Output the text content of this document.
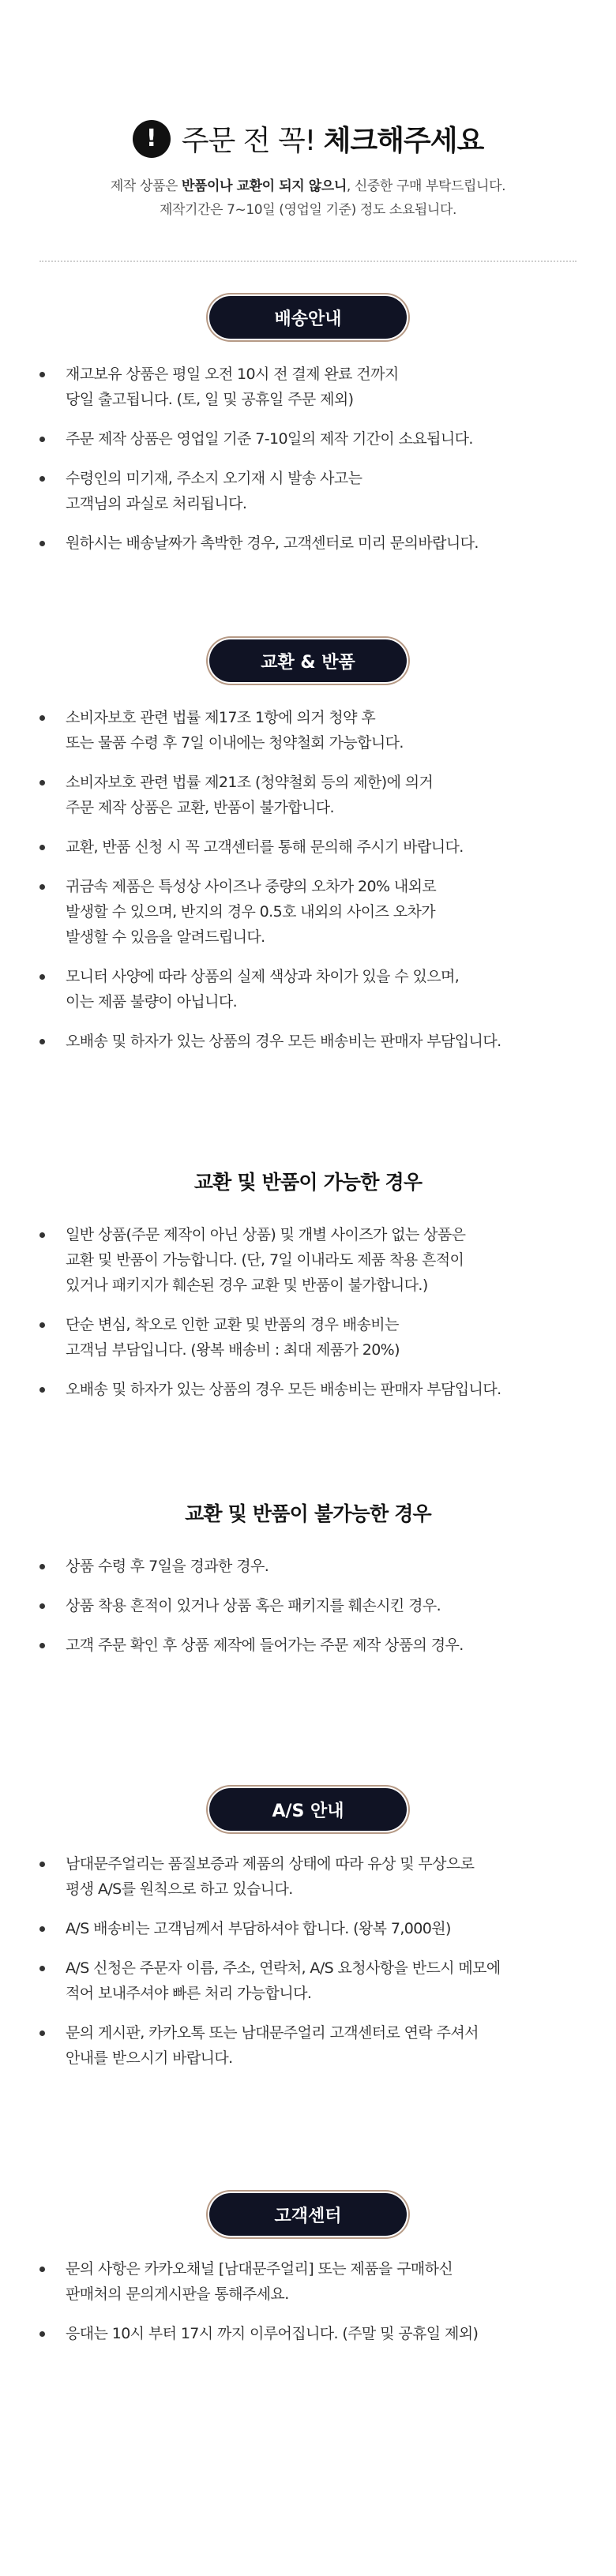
! 주문 전 꼭! 체크해주세요
제작 상품은 반품이나 교환이 되지 않으니, 신중한 구매 부탁드립니다.
제작기간은 7~10일 (영업일 기준) 정도 소요됩니다.
배송안내
재고보유 상품은 평일 오전 10시 전 결제 완료 건까지
당일 출고됩니다. (토, 일 및 공휴일 주문 제외)
주문 제작 상품은 영업일 기준 7-10일의 제작 기간이 소요됩니다.
수령인의 미기재, 주소지 오기재 시 발송 사고는
고객님의 과실로 처리됩니다.
원하시는 배송날짜가 촉박한 경우, 고객센터로 미리 문의바랍니다.
교환 & 반품
소비자보호 관련 법률 제17조 1항에 의거 청약 후
또는 물품 수령 후 7일 이내에는 청약철회 가능합니다.
소비자보호 관련 법률 제21조 (청약철회 등의 제한)에 의거
주문 제작 상품은 교환, 반품이 불가합니다.
교환, 반품 신청 시 꼭 고객센터를 통해 문의해 주시기 바랍니다.
귀금속 제품은 특성상 사이즈나 중량의 오차가 20% 내외로
발생할 수 있으며, 반지의 경우 0.5호 내외의 사이즈 오차가
발생할 수 있음을 알려드립니다.
모니터 사양에 따라 상품의 실제 색상과 차이가 있을 수 있으며,
이는 제품 불량이 아닙니다.
오배송 및 하자가 있는 상품의 경우 모든 배송비는 판매자 부담입니다.
교환 및 반품이 가능한 경우
일반 상품(주문 제작이 아닌 상품) 및 개별 사이즈가 없는 상품은
교환 및 반품이 가능합니다. (단, 7일 이내라도 제품 착용 흔적이
있거나 패키지가 훼손된 경우 교환 및 반품이 불가합니다.)
단순 변심, 착오로 인한 교환 및 반품의 경우 배송비는
고객님 부담입니다. (왕복 배송비 : 최대 제품가 20%)
오배송 및 하자가 있는 상품의 경우 모든 배송비는 판매자 부담입니다.
교환 및 반품이 불가능한 경우
상품 수령 후 7일을 경과한 경우.
상품 착용 흔적이 있거나 상품 혹은 패키지를 훼손시킨 경우.
고객 주문 확인 후 상품 제작에 들어가는 주문 제작 상품의 경우.
A/S 안내
남대문주얼리는 품질보증과 제품의 상태에 따라 유상 및 무상으로
평생 A/S를 원칙으로 하고 있습니다.
A/S 배송비는 고객님께서 부담하셔야 합니다. (왕복 7,000원)
A/S 신청은 주문자 이름, 주소, 연락처, A/S 요청사항을 반드시 메모에
적어 보내주셔야 빠른 처리 가능합니다.
문의 게시판, 카카오톡 또는 남대문주얼리 고객센터로 연락 주셔서
안내를 받으시기 바랍니다.
고객센터
문의 사항은 카카오채널 [남대문주얼리] 또는 제품을 구매하신
판매처의 문의게시판을 통해주세요.
응대는 10시 부터 17시 까지 이루어집니다. (주말 및 공휴일 제외)
